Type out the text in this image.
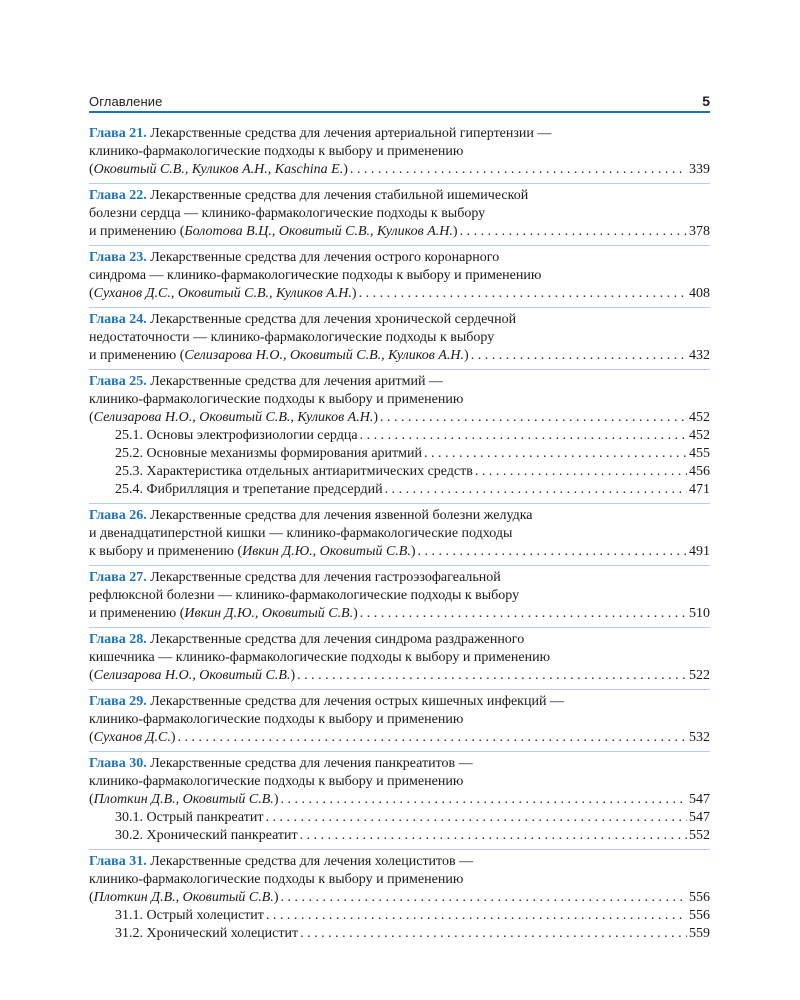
Оглавление	5
Глава 21. Лекарственные средства для лечения артериальной гипертензии —
клинико-фармакологические подходы к выбору и применению
(Оковитый С.В., Куликов А.Н., Kaschina E.) . . .	339
Глава 22. Лекарственные средства для лечения стабильной ишемической
болезни сердца — клинико-фармакологические подходы к выбору
и применению (Болотова В.Ц., Оковитый С.В., Куликов А.Н.) . . .	378
Глава 23. Лекарственные средства для лечения острого коронарного
синдрома — клинико-фармакологические подходы к выбору и применению
(Суханов Д.С., Оковитый С.В., Куликов А.Н.) . . .	408
Глава 24. Лекарственные средства для лечения хронической сердечной
недостаточности — клинико-фармакологические подходы к выбору
и применению (Селизарова Н.О., Оковитый С.В., Куликов А.Н.) . . .	432
Глава 25. Лекарственные средства для лечения аритмий —
клинико-фармакологические подходы к выбору и применению
(Селизарова Н.О., Оковитый С.В., Куликов А.Н.) . . .	452
25.1. Основы электрофизиологии сердца . . .	452
25.2. Основные механизмы формирования аритмий . . .	455
25.3. Характеристика отдельных антиаритмических средств . . .	456
25.4. Фибрилляция и трепетание предсердий . . .	471
Глава 26. Лекарственные средства для лечения язвенной болезни желудка
и двенадцатиперстной кишки — клинико-фармакологические подходы
к выбору и применению (Ивкин Д.Ю., Оковитый С.В.) . . .	491
Глава 27. Лекарственные средства для лечения гастроэзофагеальной
рефлюксной болезни — клинико-фармакологические подходы к выбору
и применению (Ивкин Д.Ю., Оковитый С.В.) . . .	510
Глава 28. Лекарственные средства для лечения синдрома раздраженного
кишечника — клинико-фармакологические подходы к выбору и применению
(Селизарова Н.О., Оковитый С.В.) . . .	522
Глава 29. Лекарственные средства для лечения острых кишечных инфекций —
клинико-фармакологические подходы к выбору и применению
(Суханов Д.С.) . . .	532
Глава 30. Лекарственные средства для лечения панкреатитов —
клинико-фармакологические подходы к выбору и применению
(Плоткин Д.В., Оковитый С.В.) . . .	547
30.1. Острый панкреатит . . .	547
30.2. Хронический панкреатит . . .	552
Глава 31. Лекарственные средства для лечения холециститов —
клинико-фармакологические подходы к выбору и применению
(Плоткин Д.В., Оковитый С.В.) . . .	556
31.1. Острый холецистит . . .	556
31.2. Хронический холецистит . . .	559
